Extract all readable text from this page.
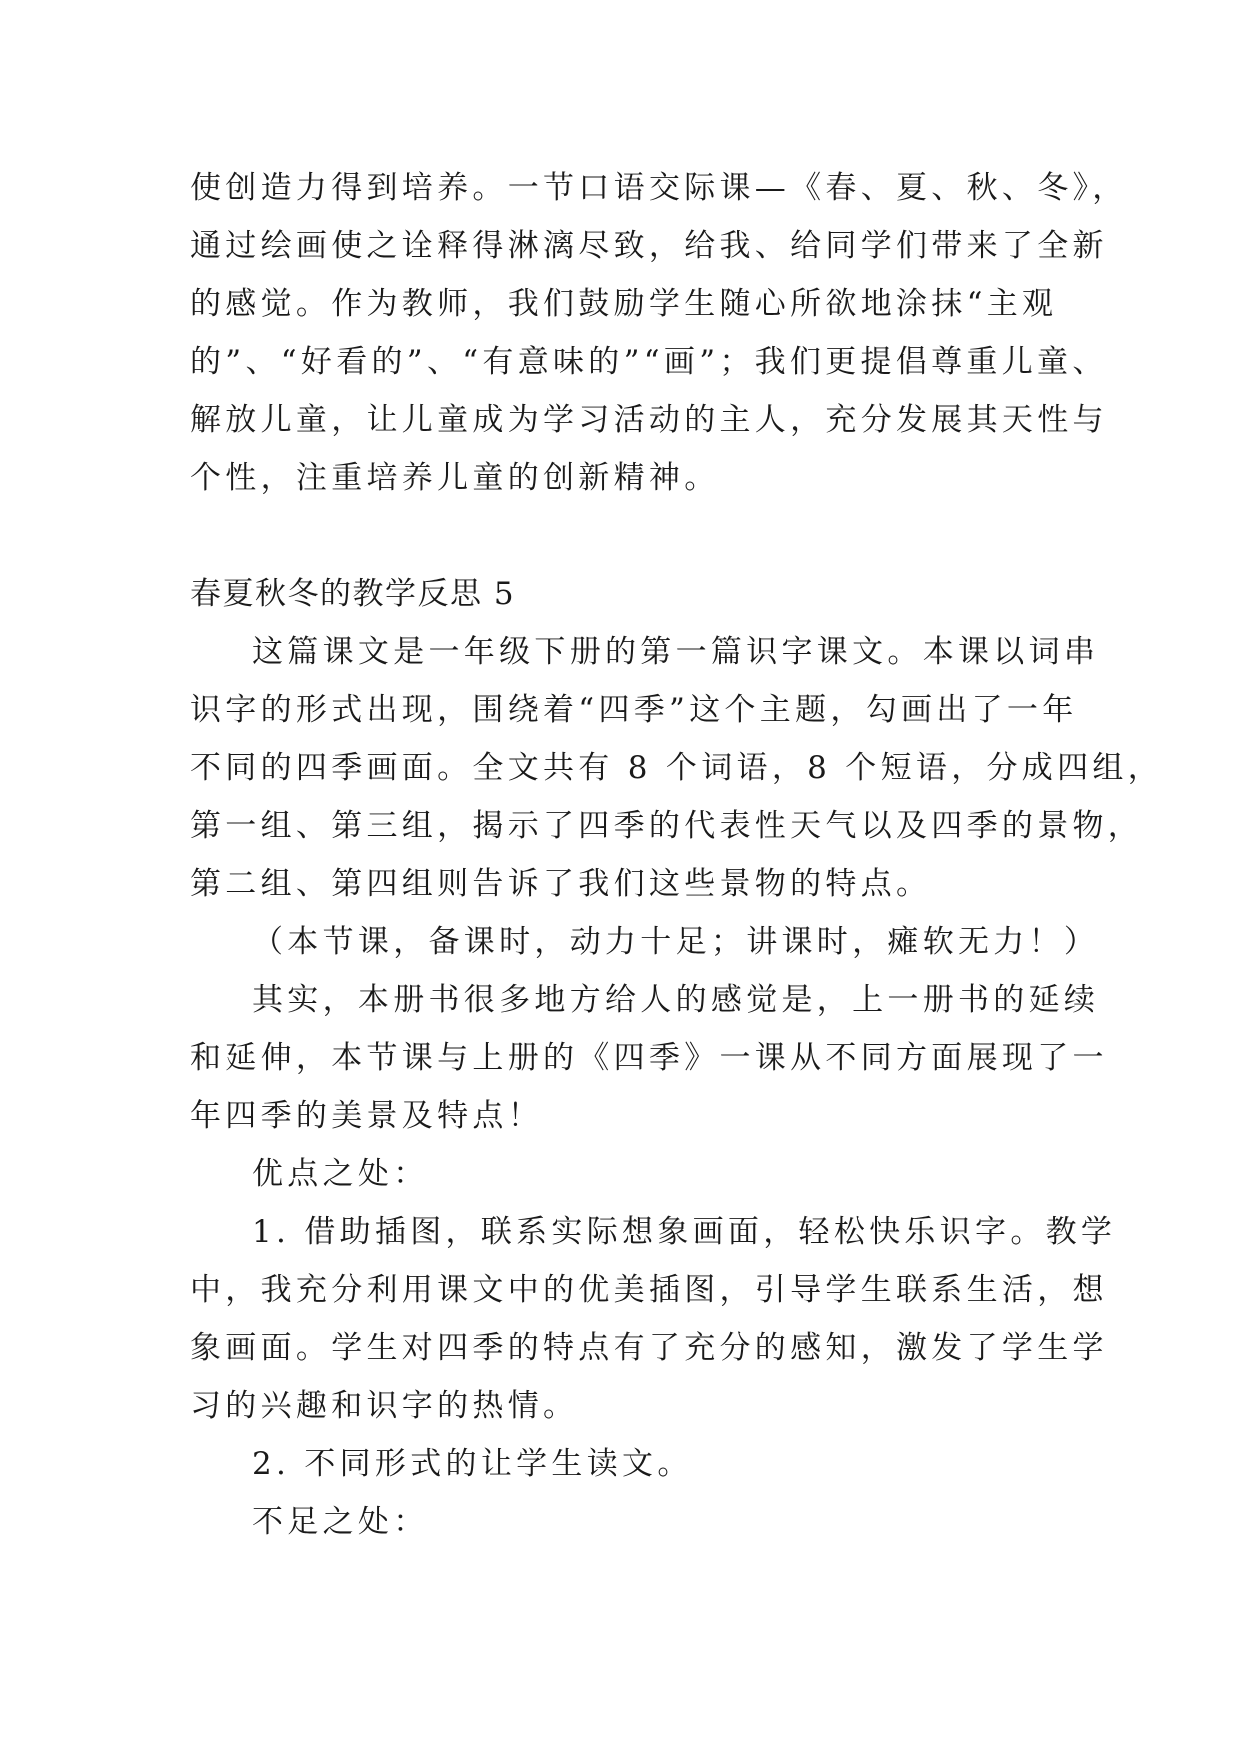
使创造力得到培养。一节口语交际课—《春、夏、秋、冬》，
通过绘画使之诠释得淋漓尽致，给我、给同学们带来了全新
的感觉。作为教师，我们鼓励学生随心所欲地涂抹“主观
的”、“好看的”、“有意味的”“画”；我们更提倡尊重儿童、
解放儿童，让儿童成为学习活动的主人，充分发展其天性与
个性，注重培养儿童的创新精神。
春夏秋冬的教学反思 5
这篇课文是一年级下册的第一篇识字课文。本课以词串
识字的形式出现，围绕着“四季”这个主题，勾画出了一年
不同的四季画面。全文共有 8 个词语，8 个短语，分成四组，
第一组、第三组，揭示了四季的代表性天气以及四季的景物，
第二组、第四组则告诉了我们这些景物的特点。
（本节课，备课时，动力十足；讲课时，瘫软无力！）
其实，本册书很多地方给人的感觉是，上一册书的延续
和延伸，本节课与上册的《四季》一课从不同方面展现了一
年四季的美景及特点！
优点之处：
1. 借助插图，联系实际想象画面，轻松快乐识字。教学
中，我充分利用课文中的优美插图，引导学生联系生活，想
象画面。学生对四季的特点有了充分的感知，激发了学生学
习的兴趣和识字的热情。
2. 不同形式的让学生读文。
不足之处：
